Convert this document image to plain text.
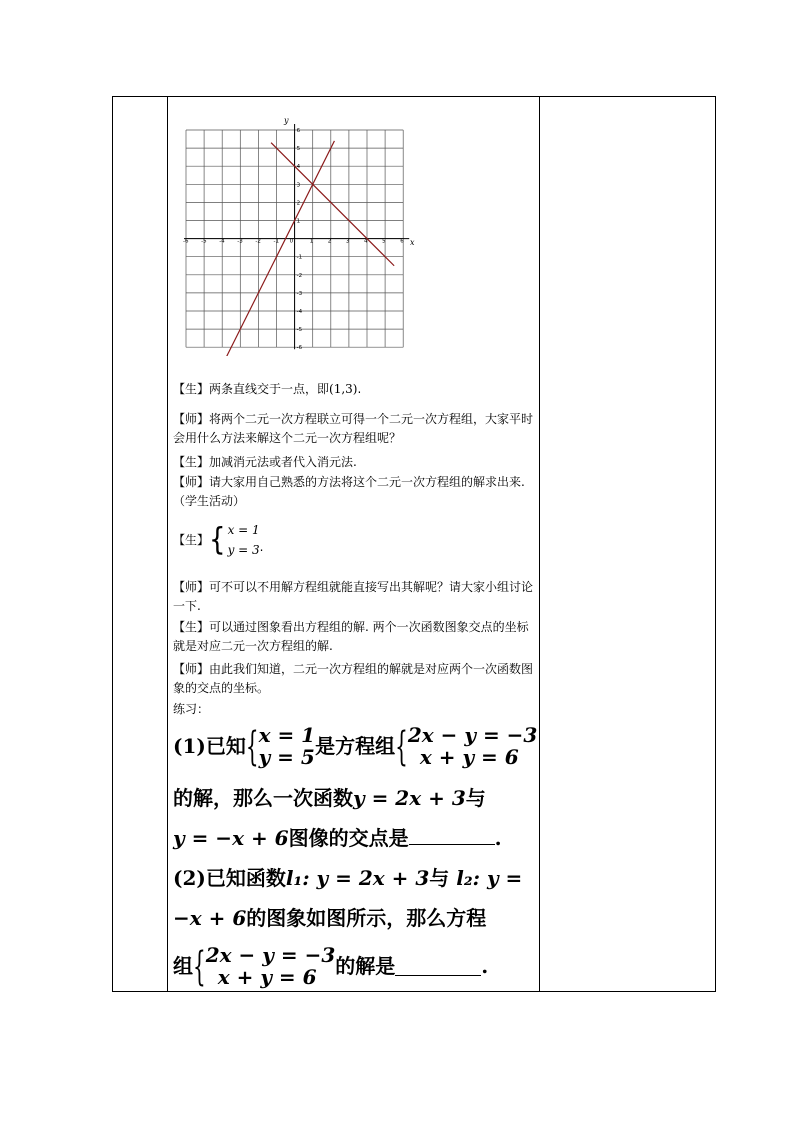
-6 -5 -4 -3 -2 -1 0	1	2	3	4	5	6
6
5
4
3
2
1
-1
-2
-3
-4
-5
-6
x
y
【生】两条直线交于一点，即(1,3).
【师】将两个二元一次方程联立可得一个二元一次方程组，大家平时会用什么方法来解这个二元一次方程组呢？
【生】加减消元法或者代入消元法.
【师】请大家用自己熟悉的方法将这个二元一次方程组的解求出来.（学生活动）
【生】 { x = 1
y = 3 .
【师】可不可以不用解方程组就能直接写出其解呢？请大家小组讨论一下.
【生】可以通过图象看出方程组的解. 两个一次函数图象交点的坐标就是对应二元一次方程组的解.
【师】由此我们知道，二元一次方程组的解就是对应两个一次函数图象的交点的坐标。
练习：
(1)已知 { x = 1
y = 5 是方程组 { 2x − y = −3
x + y = 6
的解，那么一次函数y = 2x + 3与
y = −x + 6图像的交点是	.
(2)已知函数l₁: y = 2x + 3与 l₂: y =
−x + 6的图象如图所示，那么方程
组 { 2x − y = −3
x + y = 6 的解是	.
